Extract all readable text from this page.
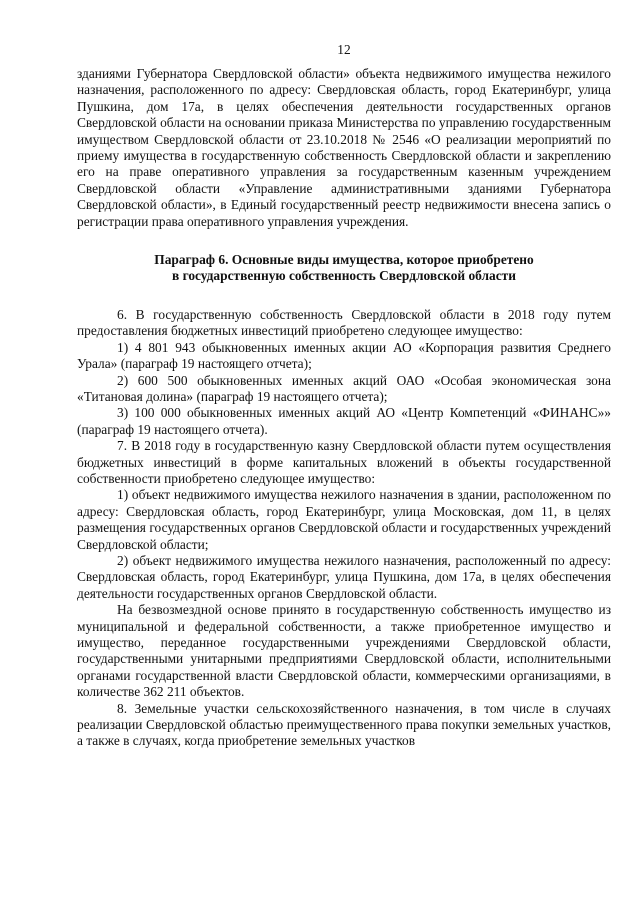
12

зданиями Губернатора Свердловской области» объекта недвижимого имущества нежилого назначения, расположенного по адресу: Свердловская область, город Екатеринбург, улица Пушкина, дом 17а, в целях обеспечения деятельности государственных органов Свердловской области на основании приказа Министерства по управлению государственным имуществом Свердловской области от 23.10.2018 № 2546 «О реализации мероприятий по приему имущества в государственную собственность Свердловской области и закреплению его на праве оперативного управления за государственным казенным учреждением Свердловской области «Управление административными зданиями Губернатора Свердловской области», в Единый государственный реестр недвижимости внесена запись о регистрации права оперативного управления учреждения.

Параграф 6. Основные виды имущества, которое приобретено
в государственную собственность Свердловской области

6. В государственную собственность Свердловской области в 2018 году путем предоставления бюджетных инвестиций приобретено следующее имущество:

1) 4 801 943 обыкновенных именных акции АО «Корпорация развития Среднего Урала» (параграф 19 настоящего отчета);

2) 600 500 обыкновенных именных акций ОАО «Особая экономическая зона «Титановая долина» (параграф 19 настоящего отчета);

3) 100 000 обыкновенных именных акций АО «Центр Компетенций «ФИНАНС»» (параграф 19 настоящего отчета).

7. В 2018 году в государственную казну Свердловской области путем осуществления бюджетных инвестиций в форме капитальных вложений в объекты государственной собственности приобретено следующее имущество:

1) объект недвижимого имущества нежилого назначения в здании, расположенном по адресу: Свердловская область, город Екатеринбург, улица Московская, дом 11, в целях размещения государственных органов Свердловской области и государственных учреждений Свердловской области;

2) объект недвижимого имущества нежилого назначения, расположенный по адресу: Свердловская область, город Екатеринбург, улица Пушкина, дом 17а, в целях обеспечения деятельности государственных органов Свердловской области.

На безвозмездной основе принято в государственную собственность имущество из муниципальной и федеральной собственности, а также приобретенное имущество и имущество, переданное государственными учреждениями Свердловской области, государственными унитарными предприятиями Свердловской области, исполнительными органами государственной власти Свердловской области, коммерческими организациями, в количестве 362 211 объектов.

8. Земельные участки сельскохозяйственного назначения, в том числе в случаях реализации Свердловской областью преимущественного права покупки земельных участков, а также в случаях, когда приобретение земельных участков
